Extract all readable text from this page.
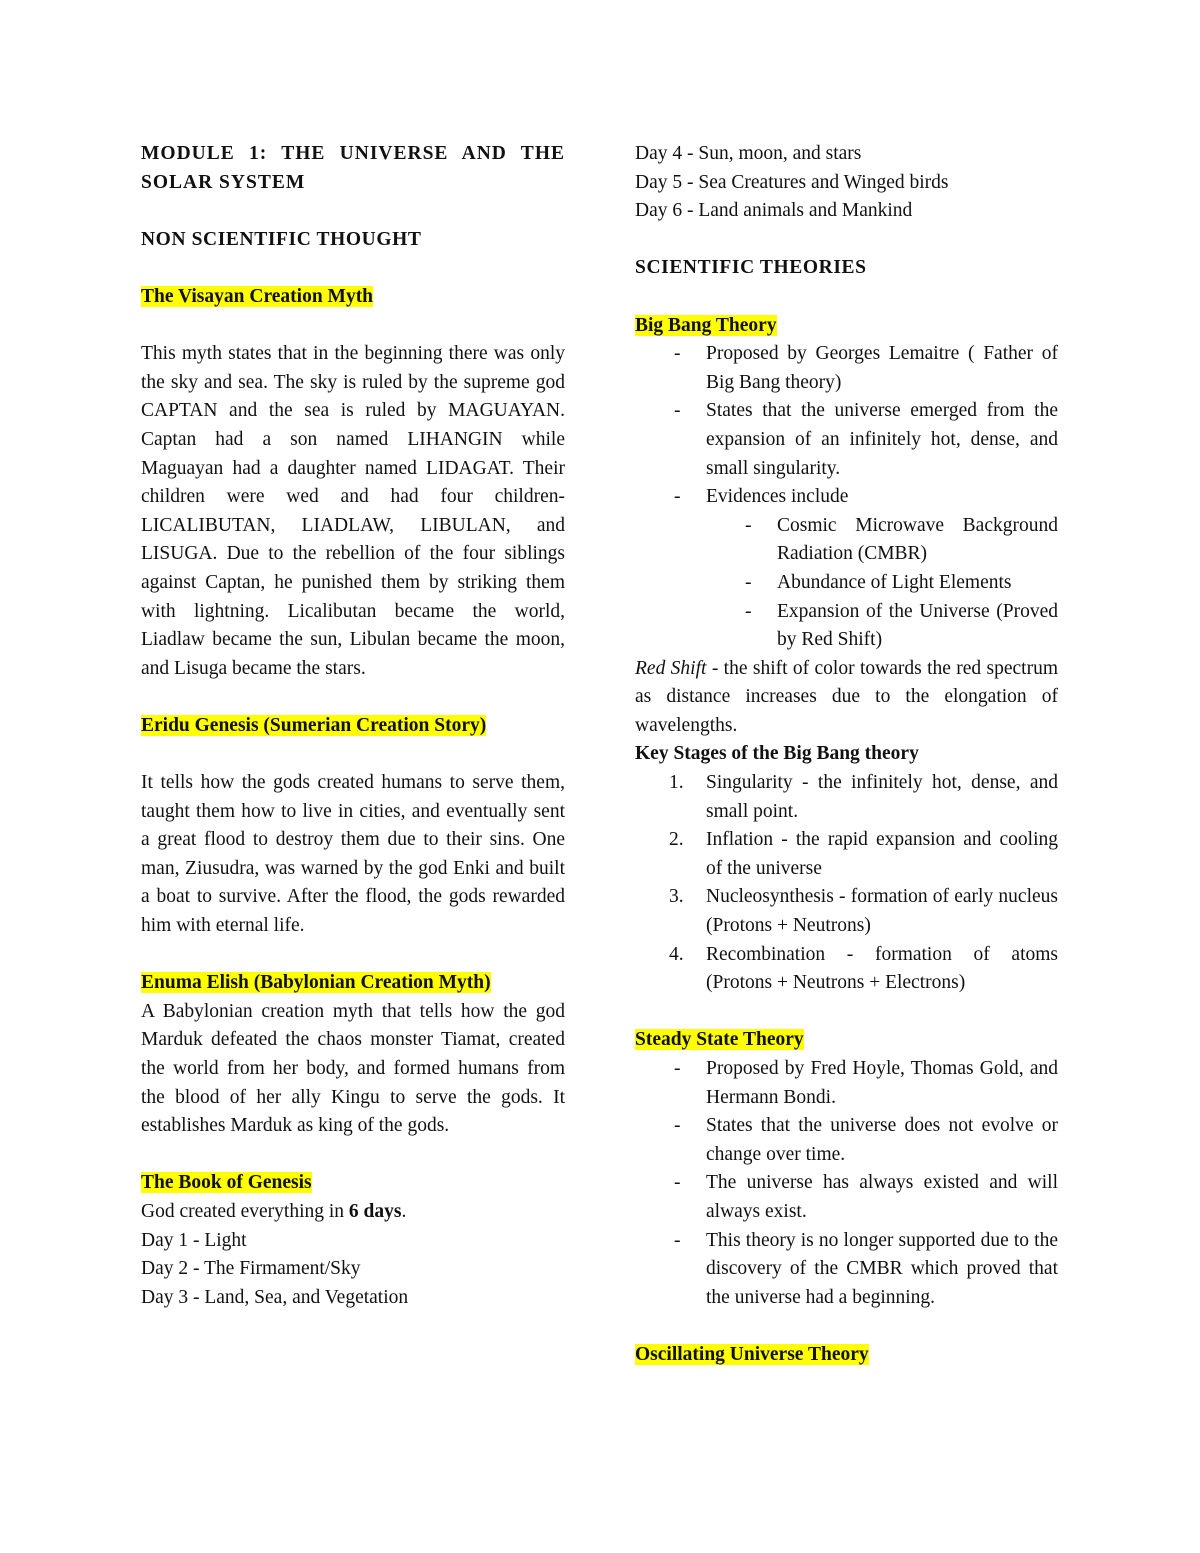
MODULE 1: THE UNIVERSE AND THE SOLAR SYSTEM

NON SCIENTIFIC THOUGHT

The Visayan Creation Myth

This myth states that in the beginning there was only the sky and sea. The sky is ruled by the supreme god CAPTAN and the sea is ruled by MAGUAYAN. Captan had a son named LIHANGIN while Maguayan had a daughter named LIDAGAT. Their children were wed and had four children- LICALIBUTAN, LIADLAW, LIBULAN, and LISUGA. Due to the rebellion of the four siblings against Captan, he punished them by striking them with lightning. Licalibutan became the world, Liadlaw became the sun, Libulan became the moon, and Lisuga became the stars.

Eridu Genesis (Sumerian Creation Story)

It tells how the gods created humans to serve them, taught them how to live in cities, and eventually sent a great flood to destroy them due to their sins. One man, Ziusudra, was warned by the god Enki and built a boat to survive. After the flood, the gods rewarded him with eternal life.

Enuma Elish (Babylonian Creation Myth)

A Babylonian creation myth that tells how the god Marduk defeated the chaos monster Tiamat, created the world from her body, and formed humans from the blood of her ally Kingu to serve the gods. It establishes Marduk as king of the gods.

The Book of Genesis

God created everything in 6 days.

Day 1 - Light

Day 2 - The Firmament/Sky

Day 3 - Land, Sea, and Vegetation

Day 4 - Sun, moon, and stars

Day 5 - Sea Creatures and Winged birds

Day 6 - Land animals and Mankind

SCIENTIFIC THEORIES

Big Bang Theory

- Proposed by Georges Lemaitre ( Father of Big Bang theory)
- States that the universe emerged from the expansion of an infinitely hot, dense, and small singularity.
- Evidences include
- Cosmic Microwave Background Radiation (CMBR)
- Abundance of Light Elements
- Expansion of the Universe (Proved by Red Shift)

Red Shift - the shift of color towards the red spectrum as distance increases due to the elongation of wavelengths.

Key Stages of the Big Bang theory

1. Singularity - the infinitely hot, dense, and small point.
2. Inflation - the rapid expansion and cooling of the universe
3. Nucleosynthesis - formation of early nucleus (Protons + Neutrons)
4. Recombination - formation of atoms (Protons + Neutrons + Electrons)

Steady State Theory

- Proposed by Fred Hoyle, Thomas Gold, and Hermann Bondi.
- States that the universe does not evolve or change over time.
- The universe has always existed and will always exist.
- This theory is no longer supported due to the discovery of the CMBR which proved that the universe had a beginning.

Oscillating Universe Theory
